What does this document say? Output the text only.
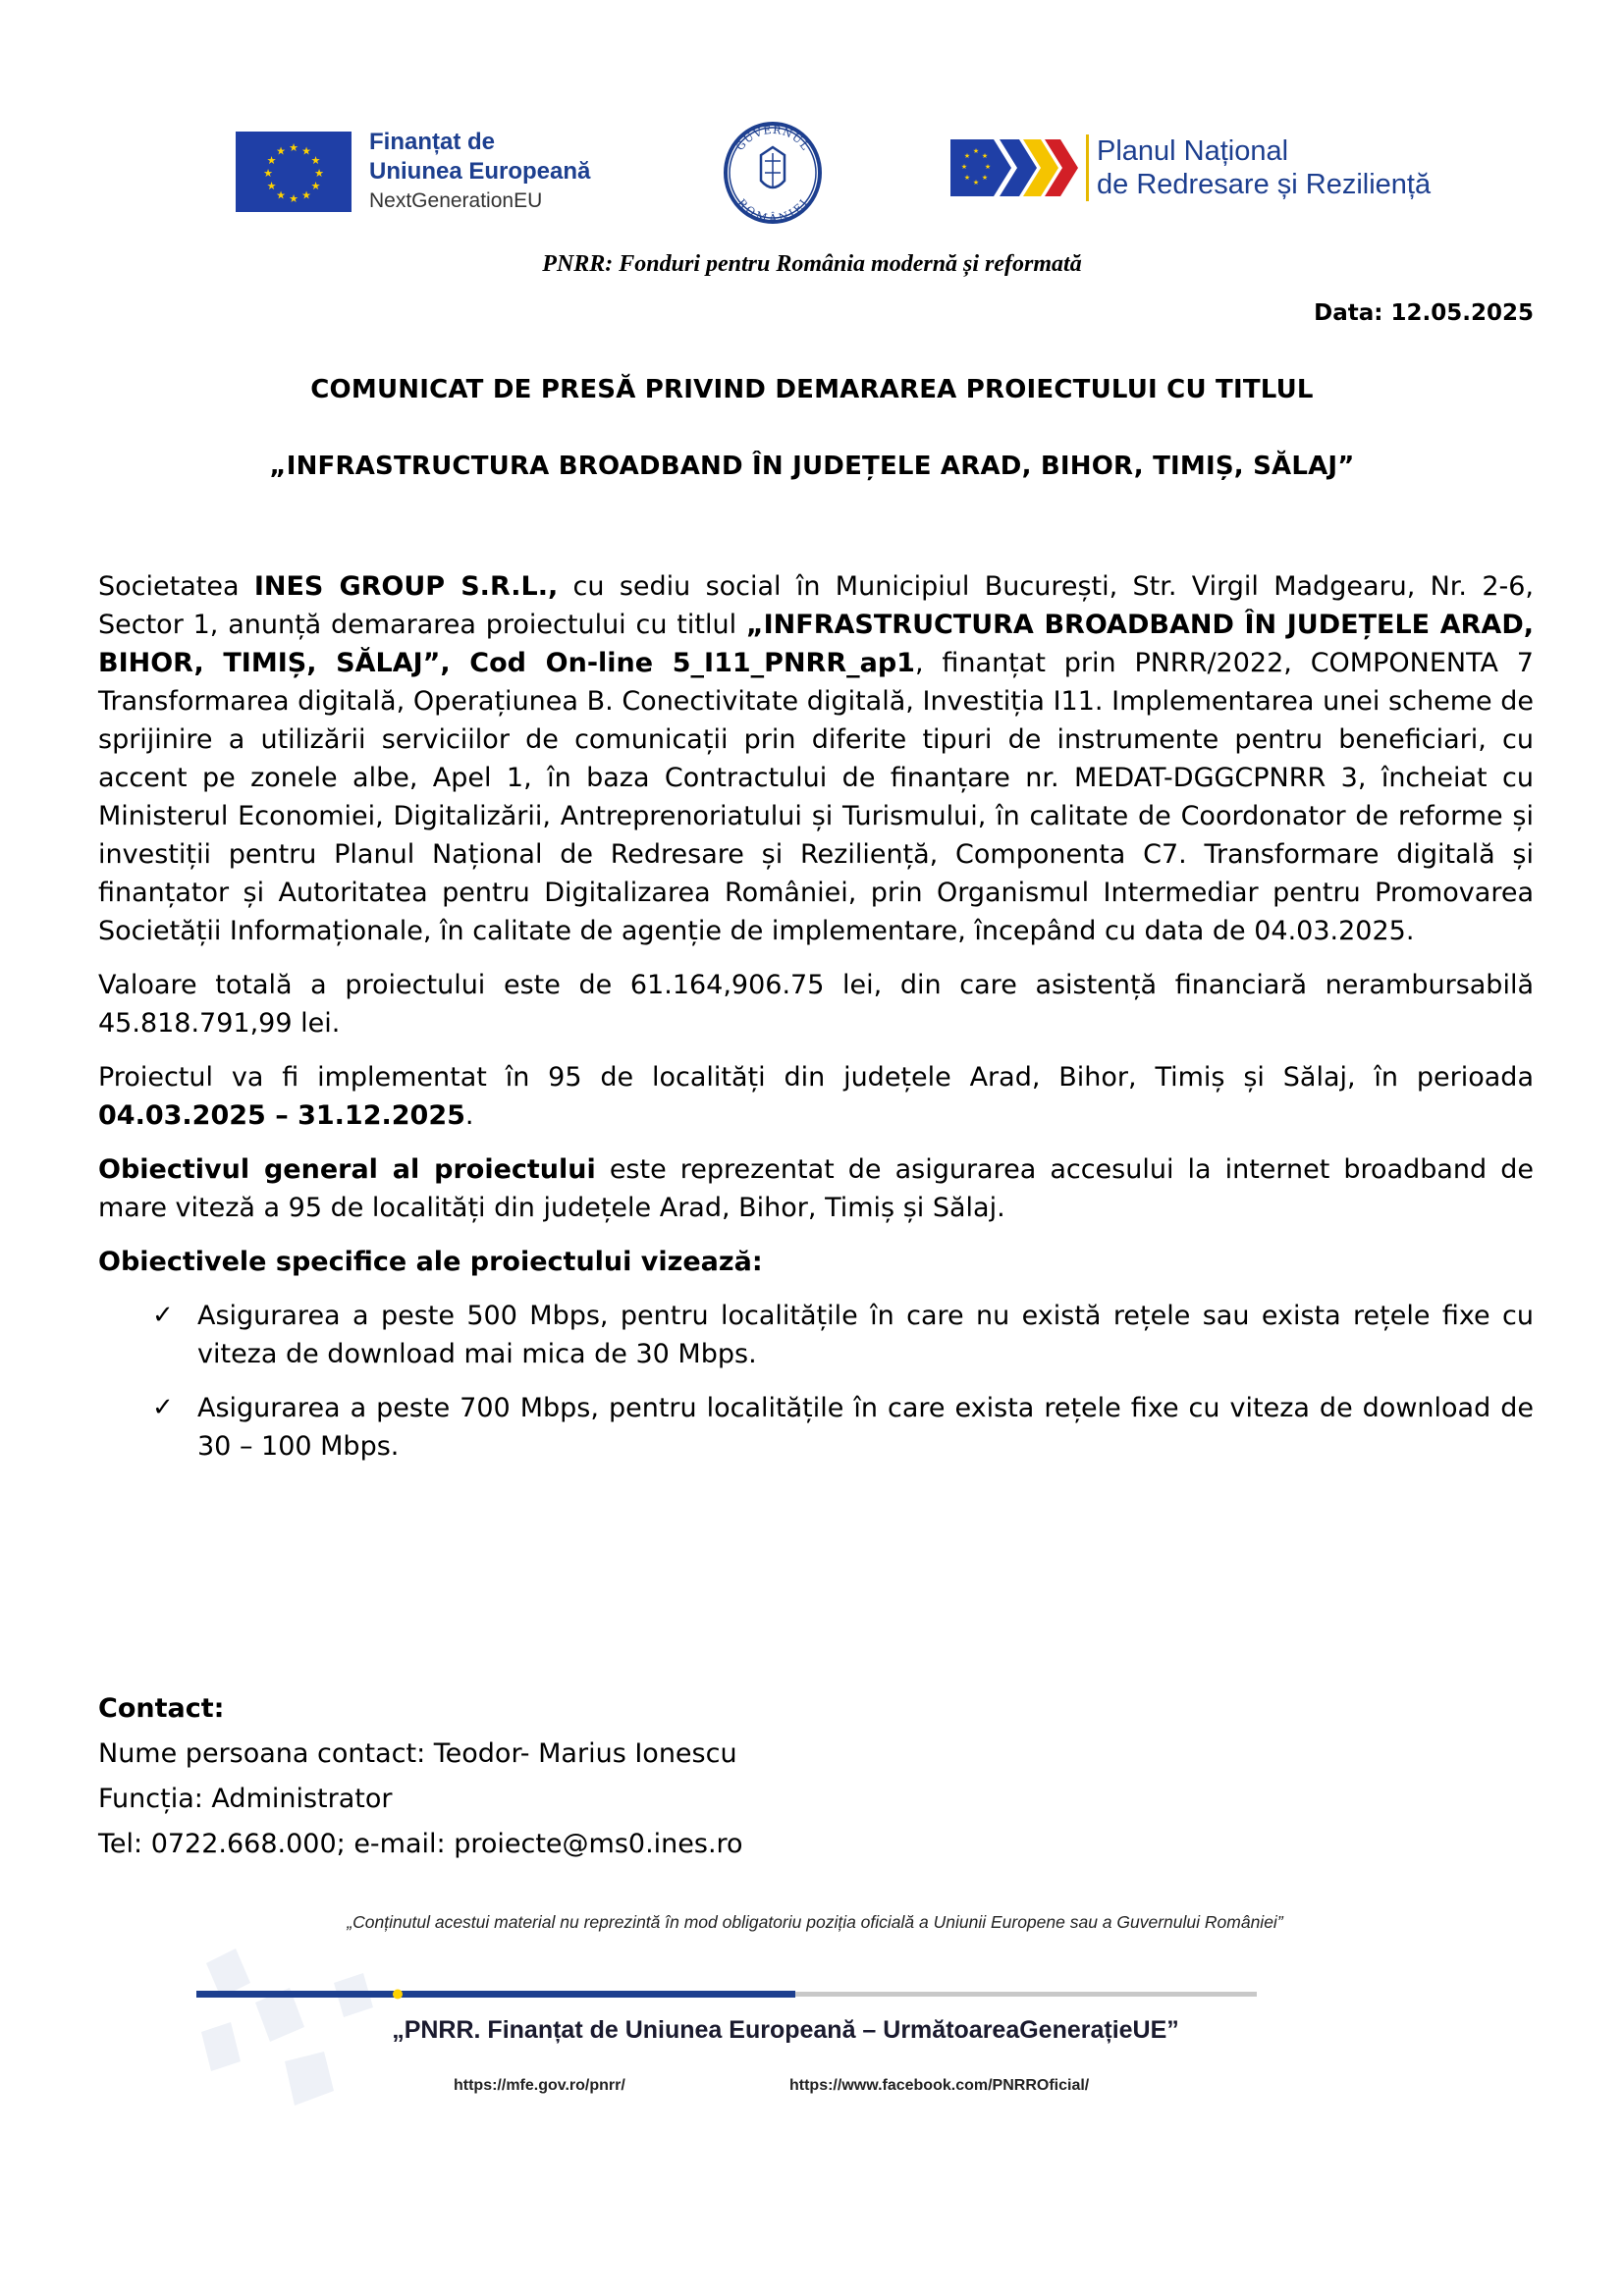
★ ★
★
★
★
★
★
★
★
★
★
★	Finanțat de
Uniunea Europeană
NextGenerationEU
GUVERNUL
ROMÂNIEI
★
★
★
★
★
★
★
★	Planul Național
de Redresare și Reziliență
PNRR: Fonduri pentru România modernă și reformată
Data: 12.05.2025
COMUNICAT DE PRESĂ PRIVIND DEMARAREA PROIECTULUI CU TITLUL
„INFRASTRUCTURA BROADBAND ÎN JUDEȚELE ARAD, BIHOR, TIMIȘ, SĂLAJ”

Societatea INES GROUP S.R.L., cu sediu social în Municipiul București, Str. Virgil Madgearu, Nr. 2-6, Sector 1, anunță demararea proiectului cu titlul „INFRASTRUCTURA BROADBAND ÎN JUDEȚELE ARAD, BIHOR, TIMIȘ, SĂLAJ”, Cod On-line 5_I11_PNRR_ap1, finanțat prin PNRR/2022, COMPONENTA 7 Transformarea digitală, Operațiunea B. Conectivitate digitală, Investiția I11. Implementarea unei scheme de sprijinire a utilizării serviciilor de comunicații prin diferite tipuri de instrumente pentru beneficiari, cu accent pe zonele albe, Apel 1, în baza Contractului de finanțare nr. MEDAT-DGGCPNRR 3, încheiat cu Ministerul Economiei, Digitalizării, Antreprenoriatului și Turismului, în calitate de Coordonator de reforme și investiții pentru Planul Național de Redresare și Reziliență, Componenta C7. Transformare digitală și finanțator și Autoritatea pentru Digitalizarea României, prin Organismul Intermediar pentru Promovarea Societății Informaționale, în calitate de agenție de implementare, începând cu data de 04.03.2025.

Valoare totală a proiectului este de 61.164,906.75 lei, din care asistență financiară nerambursabilă 45.818.791,99 lei.

Proiectul va fi implementat în 95 de localități din județele Arad, Bihor, Timiș și Sălaj, în perioada 04.03.2025 – 31.12.2025.

Obiectivul general al proiectului este reprezentat de asigurarea accesului la internet broadband de mare viteză a 95 de localități din județele Arad, Bihor, Timiș și Sălaj.

Obiectivele specifice ale proiectului vizează:

✓ Asigurarea a peste 500 Mbps, pentru localitățile în care nu există rețele sau exista rețele fixe cu viteza de download mai mica de 30 Mbps.
✓ Asigurarea a peste 700 Mbps, pentru localitățile în care exista rețele fixe cu viteza de download de 30 – 100 Mbps.
Contact:
Nume persoana contact: Teodor- Marius Ionescu
Funcția: Administrator
Tel: 0722.668.000; e-mail: proiecte@ms0.ines.ro
„Conținutul acestui material nu reprezintă în mod obligatoriu poziția oficială a Uniunii Europene sau a Guvernului României”
„PNRR. Finanțat de Uniunea Europeană – UrmătoareaGenerațieUE”
https://mfe.gov.ro/pnrr/	https://www.facebook.com/PNRROficial/
